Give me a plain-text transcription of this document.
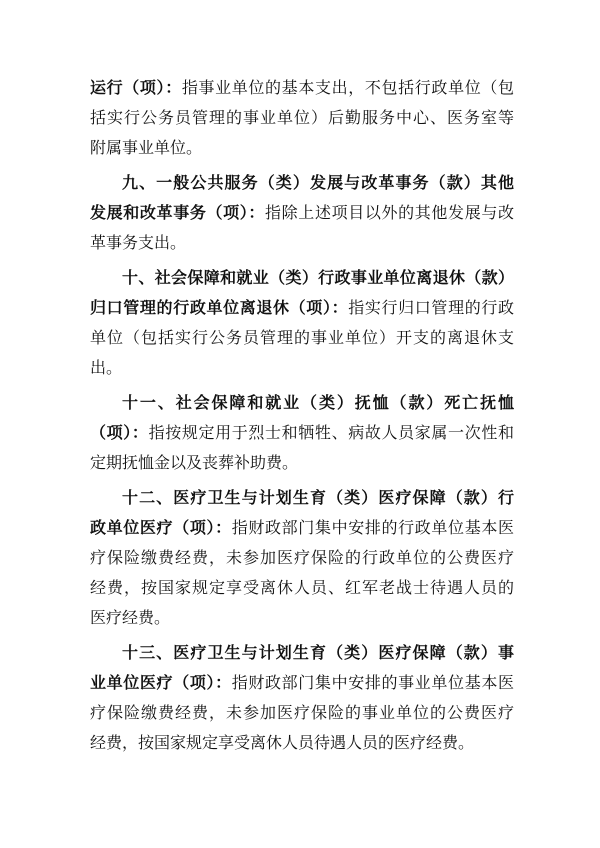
运行（项）：指事业单位的基本支出，不包括行政单位（包
括实行公务员管理的事业单位）后勤服务中心、医务室等
附属事业单位。
九、一般公共服务（类）发展与改革事务（款）其他
发展和改革事务（项）：指除上述项目以外的其他发展与改
革事务支出。
十、社会保障和就业（类）行政事业单位离退休（款）
归口管理的行政单位离退休（项）：指实行归口管理的行政
单位（包括实行公务员管理的事业单位）开支的离退休支
出。
十一、社会保障和就业（类）抚恤（款）死亡抚恤
（项）：指按规定用于烈士和牺牲、病故人员家属一次性和
定期抚恤金以及丧葬补助费。
十二、医疗卫生与计划生育（类）医疗保障（款）行
政单位医疗（项）：指财政部门集中安排的行政单位基本医
疗保险缴费经费，未参加医疗保险的行政单位的公费医疗
经费，按国家规定享受离休人员、红军老战士待遇人员的
医疗经费。
十三、医疗卫生与计划生育（类）医疗保障（款）事
业单位医疗（项）：指财政部门集中安排的事业单位基本医
疗保险缴费经费，未参加医疗保险的事业单位的公费医疗
经费，按国家规定享受离休人员待遇人员的医疗经费。
